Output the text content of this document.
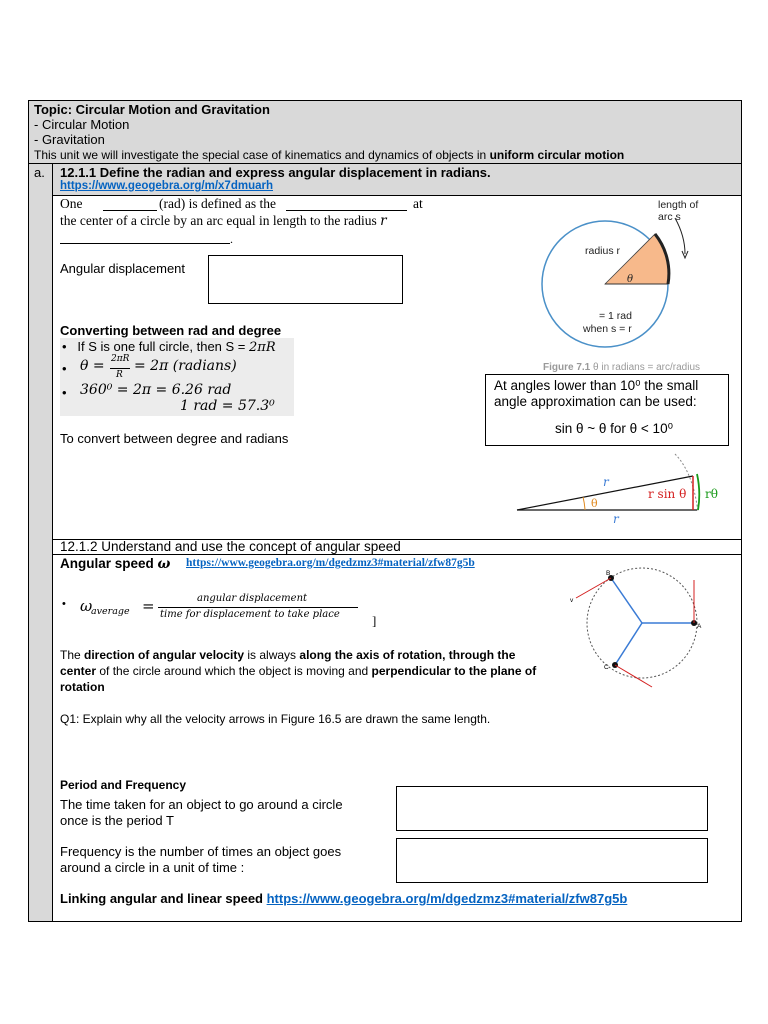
Topic: Circular Motion and Gravitation
- Circular Motion
- Gravitation
This unit we will investigate the special case of kinematics and dynamics of objects in uniform circular motion
a. 12.1.1 Define the radian and express angular displacement in radians.
https://www.geogebra.org/m/x7dmuarh
One	(rad) is defined as the	at
the center of a circle by an arc equal in length to the radius r
.
Angular displacement
Converting between rad and degree
•   If S is one full circle, then S = 2πR
• θ = 2πR
R
= 2π (radians)
• 360⁰ = 2π = 6.26 rad
1 rad = 57.3⁰
To convert between degree and radians
length of
arc s
radius r
θ
= 1 rad
when s = r
Figure 7.1 θ in radians = arc/radius
At angles lower than 10⁰ the small
angle approximation can be used:
sin θ ~ θ for θ < 10⁰
r
r
θ
r sin θ rθ
12.1.2 Understand and use the concept of angular speed
Angular speed ω https://www.geogebra.org/m/dgedzmz3#material/zfw87g5b
• ω
average =	angular displacement
time for displacement to take place ]
The direction of angular velocity is always along the axis of rotation, through the center of the circle around which the object is moving and perpendicular to the plane of rotation
Q1: Explain why all the velocity arrows in Figure 16.5 are drawn the same length.
B
A
C
v
Period and Frequency
The time taken for an object to go around a circle
once is the period T
Frequency is the number of times an object goes
around a circle in a unit of time :
Linking angular and linear speed https://www.geogebra.org/m/dgedzmz3#material/zfw87g5b
